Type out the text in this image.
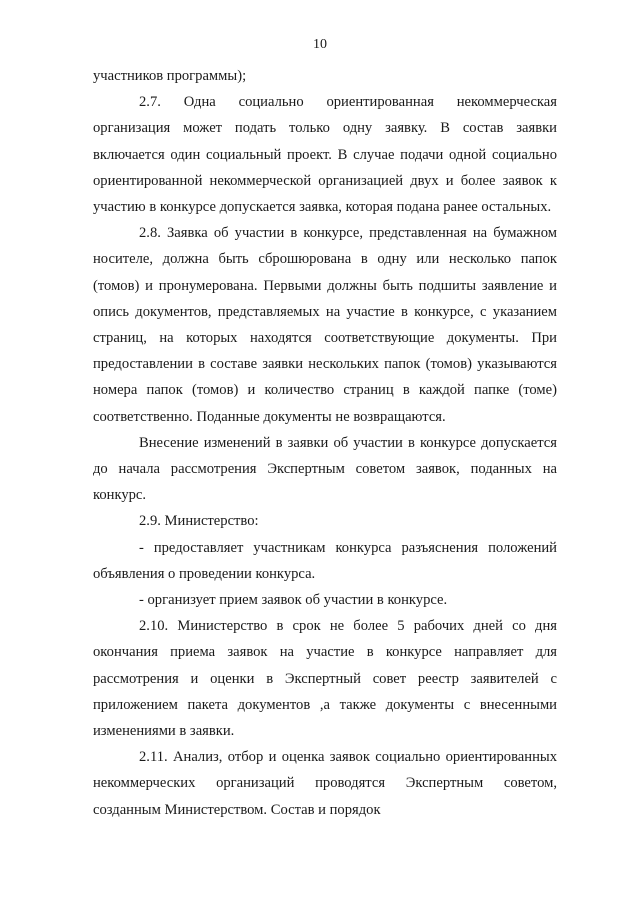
10

участников программы);

2.7. Одна социально ориентированная некоммерческая организация может подать только одну заявку. В состав заявки включается один социальный проект. В случае подачи одной социально ориентированной некоммерческой организацией двух и более заявок к участию в конкурсе допускается заявка, которая подана ранее остальных.

2.8. Заявка об участии в конкурсе, представленная на бумажном носителе, должна быть сброшюрована в одну или несколько папок (томов) и пронумерована. Первыми должны быть подшиты заявление и опись документов, представляемых на участие в конкурсе, с указанием страниц, на которых находятся соответствующие документы. При предоставлении в составе заявки нескольких папок (томов) указываются номера папок (томов) и количество страниц в каждой папке (томе) соответственно. Поданные документы не возвращаются.

Внесение изменений в заявки об участии в конкурсе допускается до начала рассмотрения Экспертным советом заявок, поданных на конкурс.

2.9. Министерство:

- предоставляет участникам конкурса разъяснения положений объявления о проведении конкурса.

- организует прием заявок об участии в конкурсе.

2.10. Министерство в срок не более 5 рабочих дней со дня окончания приема заявок на участие в конкурсе направляет для рассмотрения и оценки в Экспертный совет реестр заявителей с приложением пакета документов ,а также документы с внесенными изменениями в заявки.

2.11. Анализ, отбор и оценка заявок социально ориентированных некоммерческих организаций проводятся Экспертным советом, созданным Министерством. Состав и порядок
